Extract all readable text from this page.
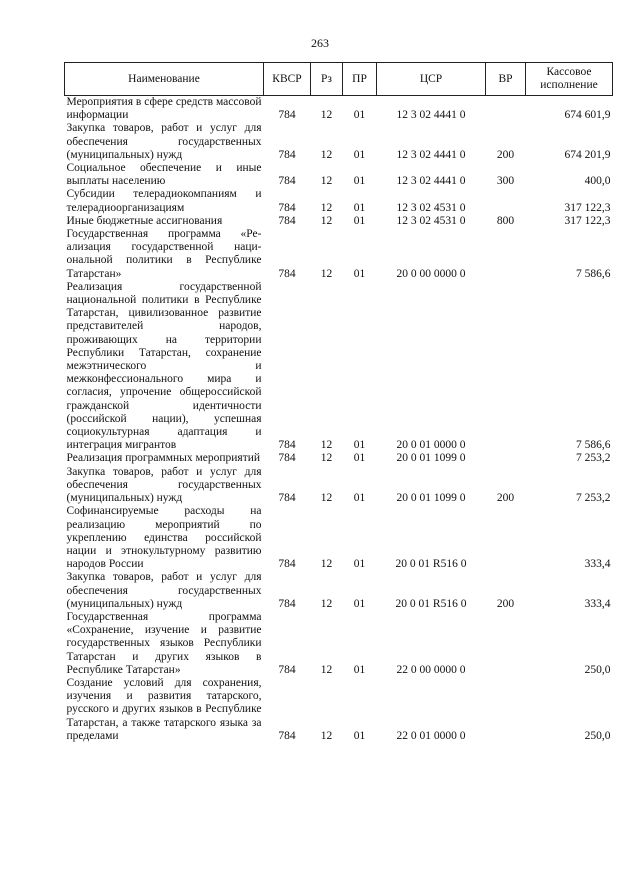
263
Наименование	КВСР	Рз	ПР	ЦСР	ВР	Кассовое исполнение
Мероприятия в сфере средств массовой информации	784	12	01	12 3 02 4441 0		674 601,9
Закупка товаров, работ и услуг для обеспечения государственных (муниципальных) нужд	784	12	01	12 3 02 4441 0	200	674 201,9
Социальное обеспечение и иные выплаты населению	784	12	01	12 3 02 4441 0	300	400,0
Субсидии телерадиокомпаниям и телерадиоорганизациям	784	12	01	12 3 02 4531 0		317 122,3
Иные бюджетные ассигнования	784	12	01	12 3 02 4531 0	800	317 122,3
Государственная программа «Реализация государственной национальной политики в Республике Татарстан»	784	12	01	20 0 00 0000 0		7 586,6
Реализация государственной национальной политики в Республике Татарстан, цивилизованное развитие представителей народов, проживающих на территории Республики Татарстан, сохранение межэтнического и межконфессионального мира и согласия, упрочение общероссийской гражданской идентичности (российской нации), успешная социокультурная адаптация и интеграция мигрантов	784	12	01	20 0 01 0000 0		7 586,6
Реализация программных мероприятий	784	12	01	20 0 01 1099 0		7 253,2
Закупка товаров, работ и услуг для обеспечения государственных (муниципальных) нужд	784	12	01	20 0 01 1099 0	200	7 253,2
Софинансируемые расходы на реализацию мероприятий по укреплению единства российской нации и этнокультурному развитию народов России	784	12	01	20 0 01 R516 0		333,4
Закупка товаров, работ и услуг для обеспечения государственных (муниципальных) нужд	784	12	01	20 0 01 R516 0	200	333,4
Государственная программа «Сохранение, изучение и развитие государственных языков Республики Татарстан и других языков в Республике Татарстан»	784	12	01	22 0 00 0000 0		250,0
Создание условий для сохранения, изучения и развития татарского, русского и других языков в Республике Татарстан, а также татарского языка за пределами	784	12	01	22 0 01 0000 0		250,0
